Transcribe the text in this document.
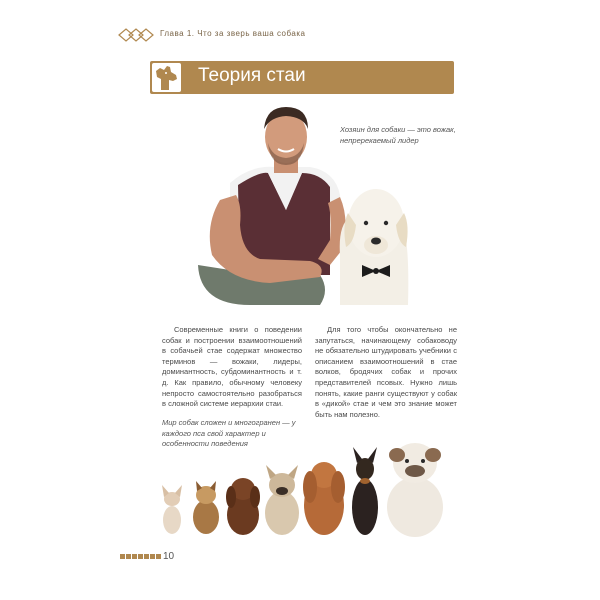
Глава 1. Что за зверь ваша собака
Теория стаи
Хозяин для собаки — это вожак, непререкаемый лидер
Современные книги о поведении собак и построении взаимоотношений в собачьей стае содержат множество терминов — вожаки, лидеры, доминантность, субдоминантность и т. д. Как правило, обычному человеку непросто самостоятельно разобраться в сложной системе иерархии стаи.
Для того чтобы окончательно не запутаться, начинающему собаководу не обязательно штудировать учебники с описанием взаимоотношений в стае волков, бродячих собак и прочих представителей псовых. Нужно лишь понять, какие ранги существуют у собак в «дикой» стае и чем это знание может быть нам полезно.
Мир собак сложен и многогранен — у каждого пса свой характер и особенности поведения
10
